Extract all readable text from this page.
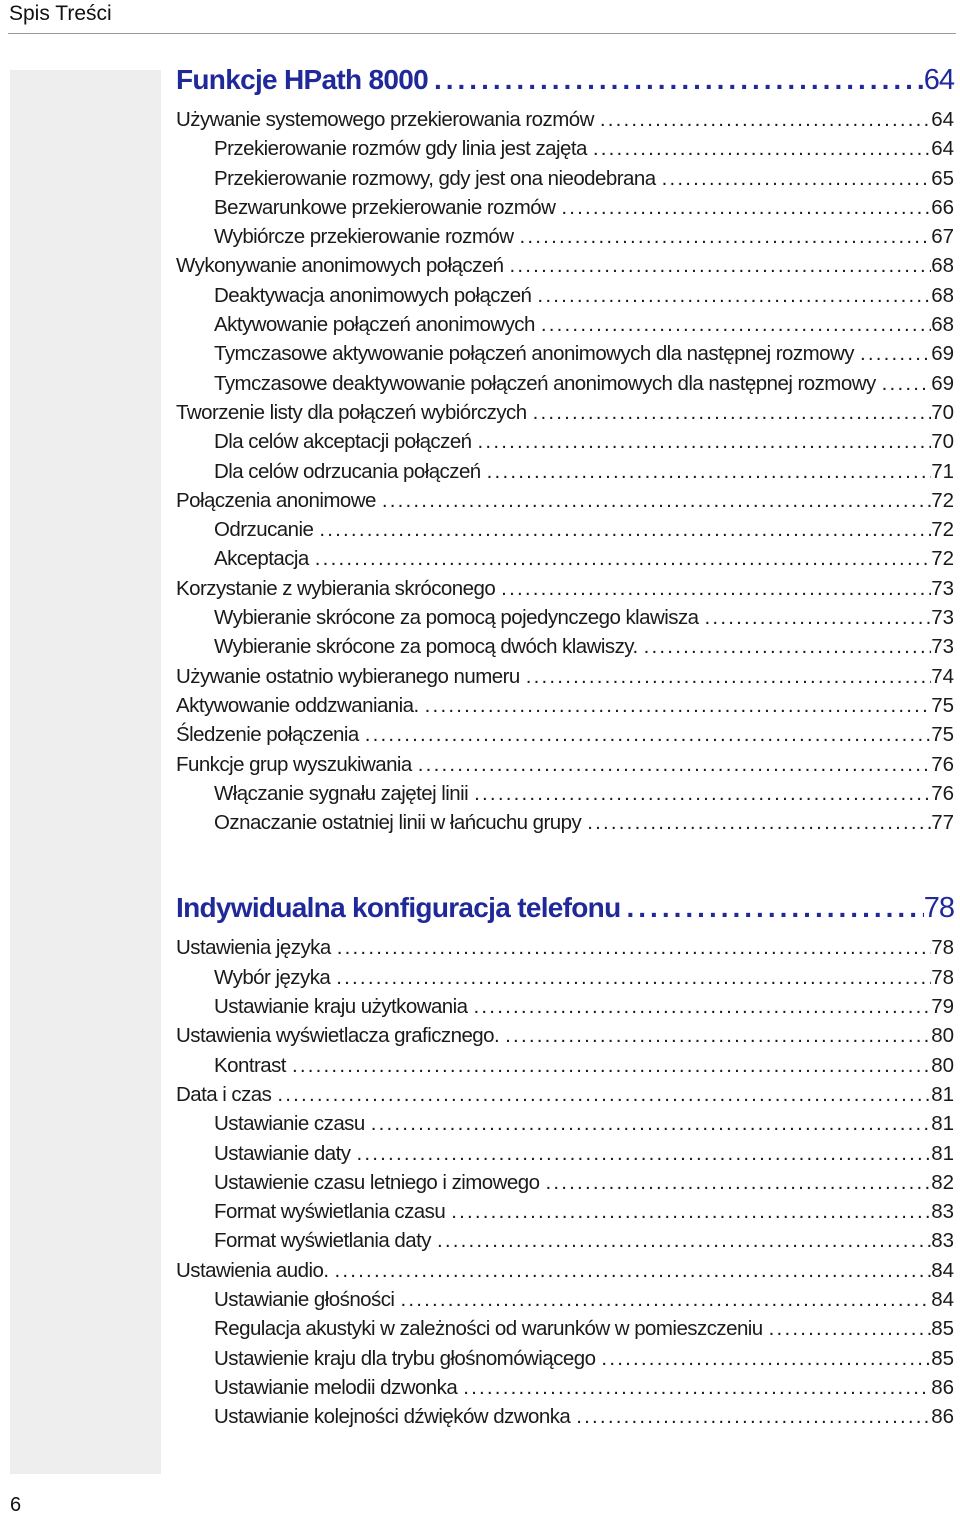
Spis Treści
6
Funkcje HPath 8000 .....	64
Używanie systemowego przekierowania rozmów .....	64
Przekierowanie rozmów gdy linia jest zajęta .....	64
Przekierowanie rozmowy, gdy jest ona nieodebrana .....	65
Bezwarunkowe przekierowanie rozmów .....	66
Wybiórcze przekierowanie rozmów .....	67
Wykonywanie anonimowych połączeń .....	68
Deaktywacja anonimowych połączeń .....	68
Aktywowanie połączeń anonimowych .....	68
Tymczasowe aktywowanie połączeń anonimowych dla następnej rozmowy .....	69
Tymczasowe deaktywowanie połączeń anonimowych dla następnej rozmowy .....	69
Tworzenie listy dla połączeń wybiórczych .....	70
Dla celów akceptacji połączeń .....	70
Dla celów odrzucania połączeń .....	71
Połączenia anonimowe .....	72
Odrzucanie .....	72
Akceptacja .....	72
Korzystanie z wybierania skróconego .....	73
Wybieranie skrócone za pomocą pojedynczego klawisza .....	73
Wybieranie skrócone za pomocą dwóch klawiszy. .....	73
Używanie ostatnio wybieranego numeru .....	74
Aktywowanie oddzwaniania. .....	75
Śledzenie połączenia .....	75
Funkcje grup wyszukiwania .....	76
Włączanie sygnału zajętej linii .....	76
Oznaczanie ostatniej linii w łańcuchu grupy .....	77
Indywidualna konfiguracja telefonu .....	78
Ustawienia języka .....	78
Wybór języka .....	78
Ustawianie kraju użytkowania .....	79
Ustawienia wyświetlacza graficznego. .....	80
Kontrast .....	80
Data i czas .....	81
Ustawianie czasu .....	81
Ustawianie daty .....	81
Ustawienie czasu letniego i zimowego .....	82
Format wyświetlania czasu .....	83
Format wyświetlania daty .....	83
Ustawienia audio. .....	84
Ustawianie głośności .....	84
Regulacja akustyki w zależności od warunków w pomieszczeniu .....	85
Ustawienie kraju dla trybu głośnomówiącego .....	85
Ustawianie melodii dzwonka .....	86
Ustawianie kolejności dźwięków dzwonka .....	86
